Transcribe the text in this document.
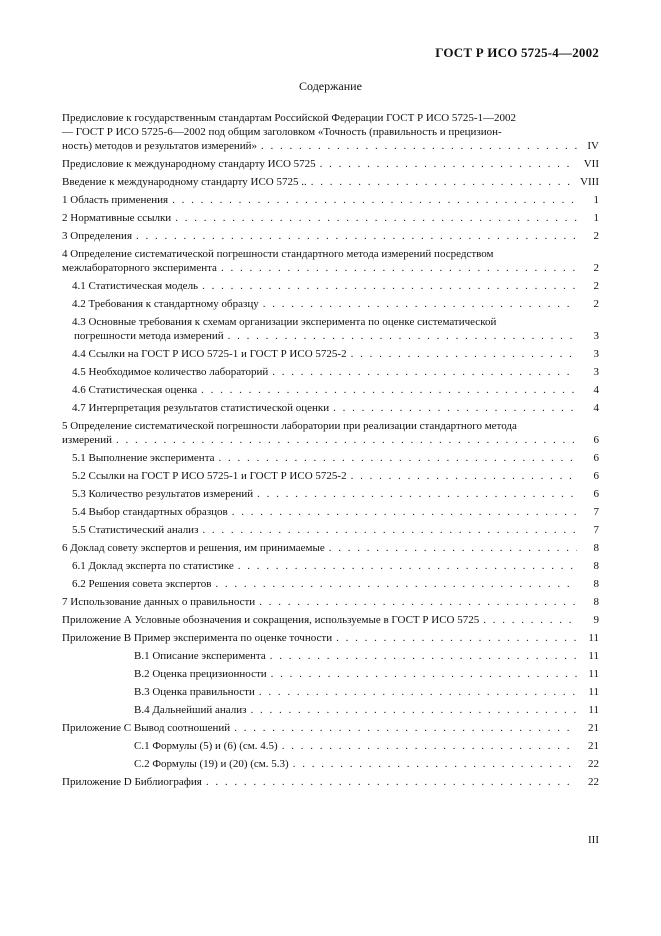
ГОСТ Р ИСО 5725-4—2002
Содержание
Предисловие к государственным стандартам Российской Федерации ГОСТ Р ИСО 5725-1—2002
— ГОСТ Р ИСО 5725-6—2002 под общим заголовком «Точность (правильность и прецизион-
ность) методов и результатов измерений» . . .	IV
Предисловие к международному стандарту ИСО 5725 . . .	VII
Введение к международному стандарту ИСО 5725 .. . . .	VIII
1 Область применения . . .	1
2 Нормативные ссылки . . .	1
3 Определения . . .	2
4 Определение систематической погрешности стандартного метода измерений посредством
межлабораторного эксперимента . . .	2
4.1 Статистическая модель . . .	2
4.2 Требования к стандартному образцу . . .	2
4.3 Основные требования к схемам организации эксперимента по оценке систематической
погрешности метода измерений . . .	3
4.4 Ссылки на ГОСТ Р ИСО 5725-1 и ГОСТ Р ИСО 5725-2 . . .	3
4.5 Необходимое количество лабораторий . . .	3
4.6 Статистическая оценка . . .	4
4.7 Интерпретация результатов статистической оценки . . .	4
5 Определение систематической погрешности лаборатории при реализации стандартного метода
измерений . . .	6
5.1 Выполнение эксперимента . . .	6
5.2 Ссылки на ГОСТ Р ИСО 5725-1 и ГОСТ Р ИСО 5725-2 . . .	6
5.3 Количество результатов измерений . . .	6
5.4 Выбор стандартных образцов . . .	7
5.5 Статистический анализ . . .	7
6 Доклад совету экспертов и решения, им принимаемые . . .	8
6.1 Доклад эксперта по статистике . . .	8
6.2 Решения совета экспертов . . .	8
7 Использование данных о правильности . . .	8
Приложение А Условные обозначения и сокращения, используемые в ГОСТ Р ИСО 5725 . . .	9
Приложение В Пример эксперимента по оценке точности . . .	11
В.1 Описание эксперимента . . .	11
В.2 Оценка прецизионности . . .	11
В.3 Оценка правильности . . .	11
В.4 Дальнейший анализ . . .	11
Приложение С Вывод соотношений . . .	21
С.1 Формулы (5) и (6) (см. 4.5) . . .	21
С.2 Формулы (19) и (20) (см. 5.3) . . .	22
Приложение D Библиография . . .	22
III
